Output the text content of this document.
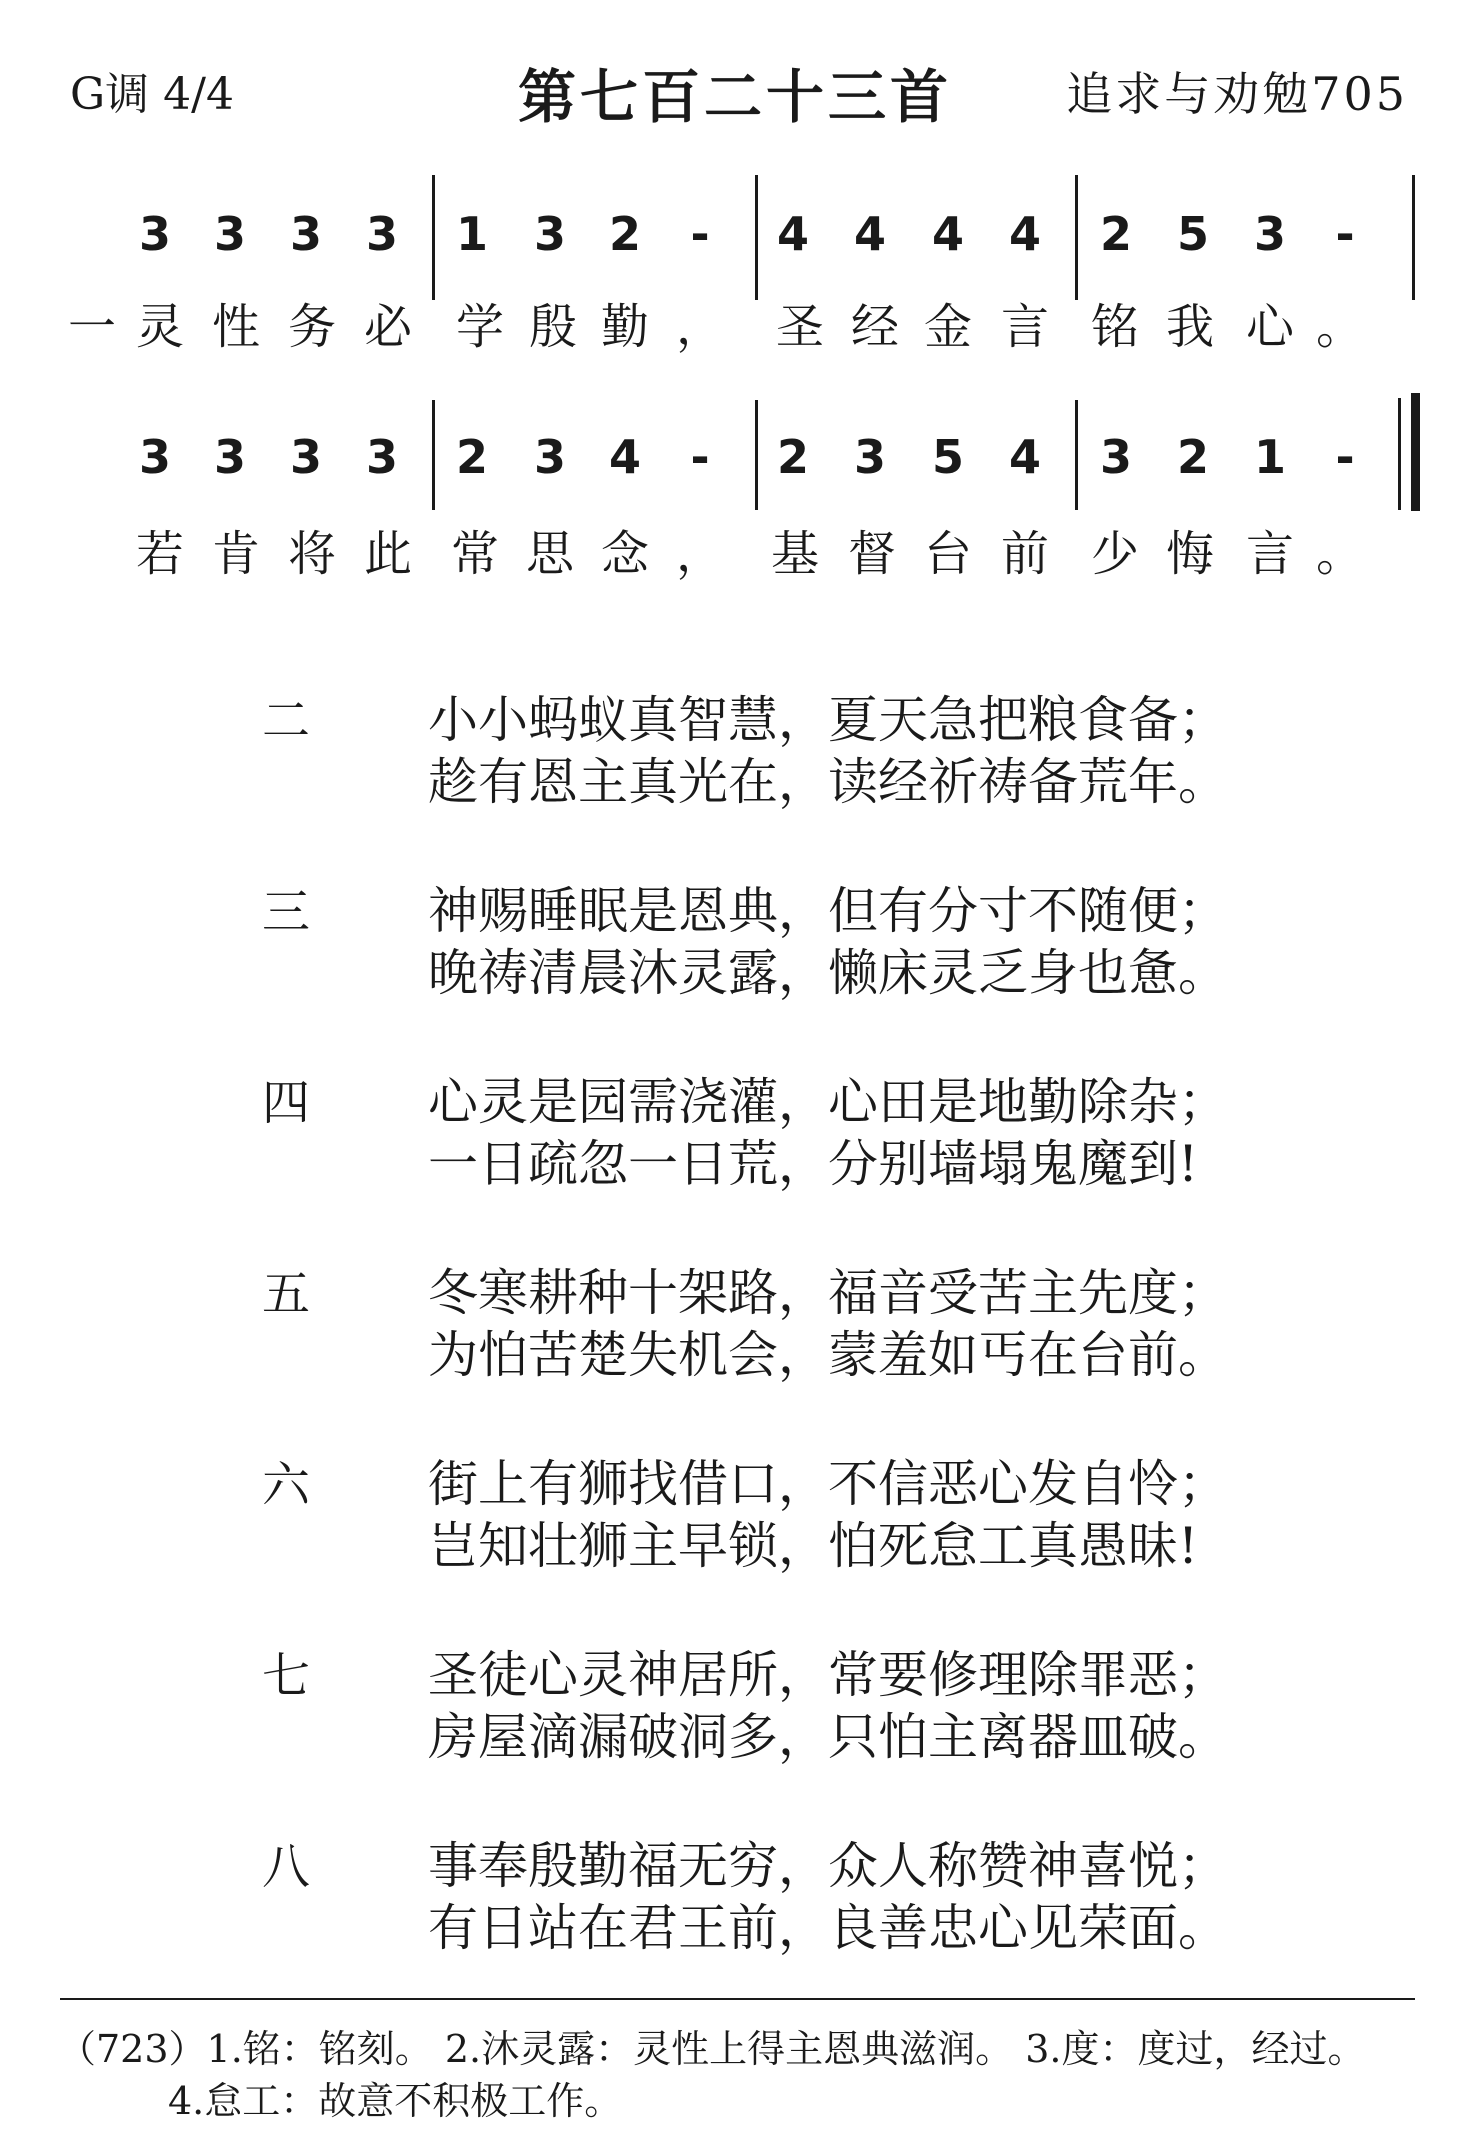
G调 4/4	第七百二十三首	追求与劝勉705
3 3 3 3	1 3 2	-	4 4 4 4	2 5 3	-
一 灵 性 务 必 学 殷 勤 ， 圣 经 金 言 铭 我 心 。
3 3 3 3	2 3 4	-	2 3 5 4	3 2 1	-
若 肯 将 此 常 思 念 ， 基 督 台 前 少 悔 言 。
二 小小蚂蚁真智慧，夏天急把粮食备；
趁有恩主真光在，读经祈祷备荒年。
三 神赐睡眠是恩典，但有分寸不随便；
晚祷清晨沐灵露，懒床灵乏身也惫。
四 心灵是园需浇灌，心田是地勤除杂；
一日疏忽一日荒，分别墙塌鬼魔到!
五 冬寒耕种十架路，福音受苦主先度；
为怕苦楚失机会，蒙羞如丐在台前。
六 街上有狮找借口，不信恶心发自怜；
岂知壮狮主早锁，怕死怠工真愚昧!
七 圣徒心灵神居所，常要修理除罪恶；
房屋滴漏破洞多，只怕主离器皿破。
八 事奉殷勤福无穷，众人称赞神喜悦；
有日站在君王前，良善忠心见荣面。
（723）1.铭：铭刻。 2.沐灵露：灵性上得主恩典滋润。 3.度：度过，经过。
4.怠工：故意不积极工作。
